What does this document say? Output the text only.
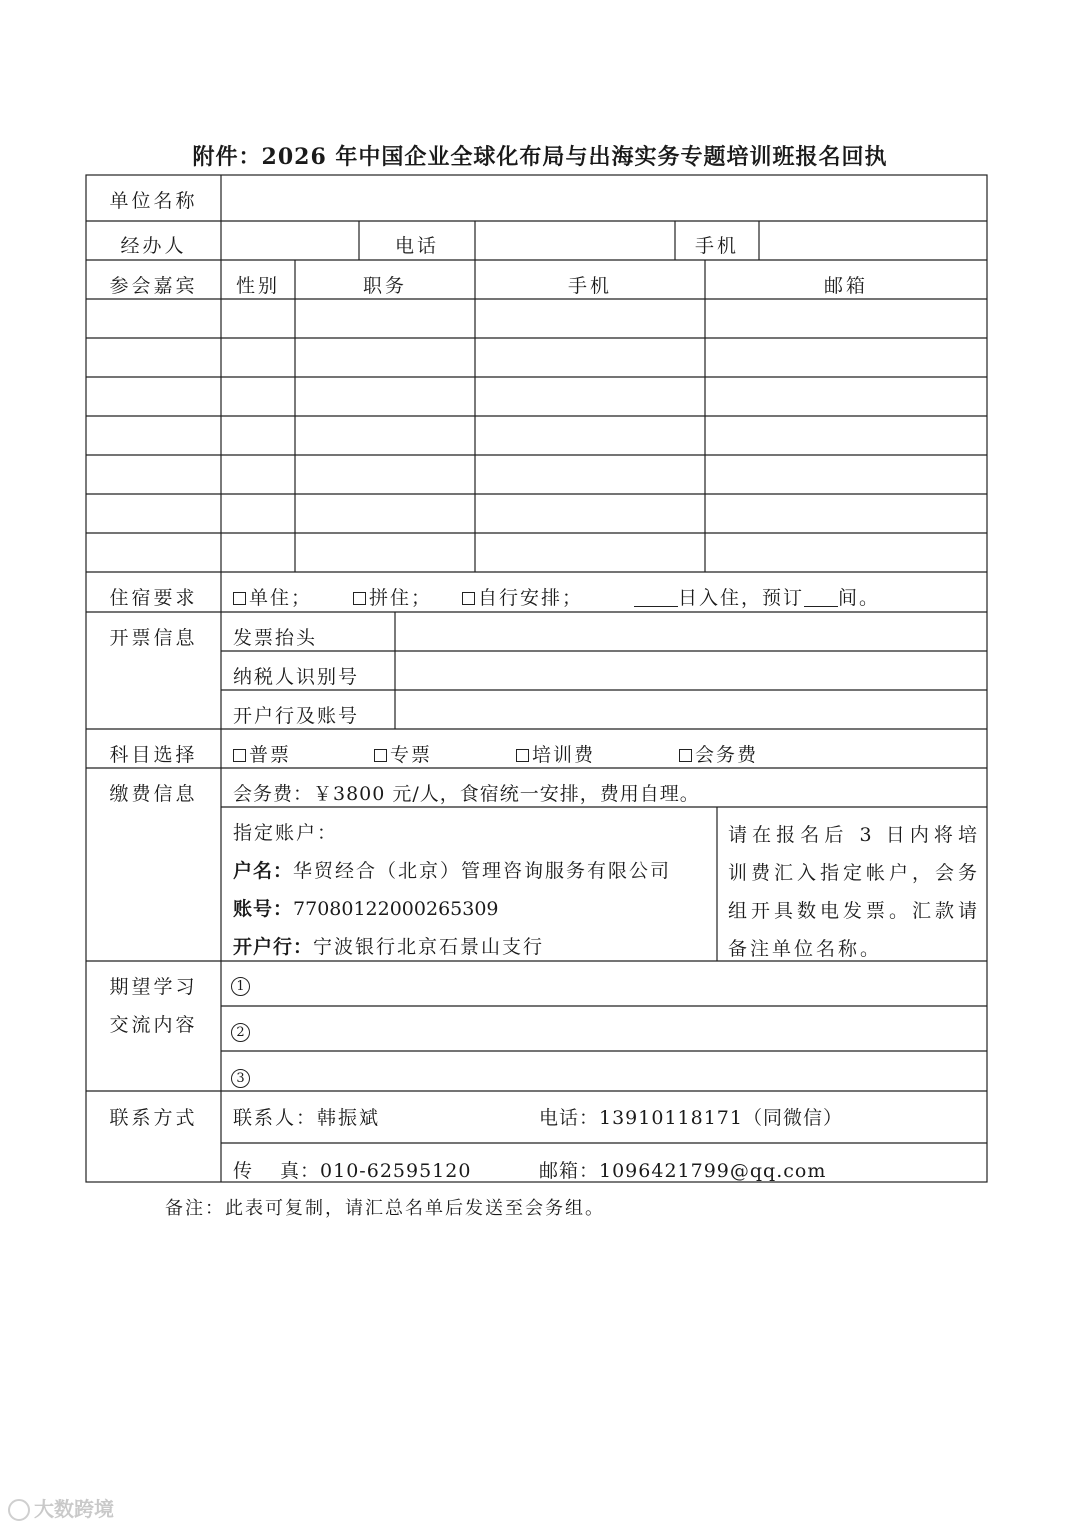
附件：2026 年中国企业全球化布局与出海实务专题培训班报名回执
单位名称
经办人	电话	手机
参会嘉宾	性别	职务	手机	邮箱
住宿要求	单住；	拼住；	自行安排；	日入住，预订 间。
开票信息	发票抬头
纳税人识别号
开户行及账号
科目选择	普票	专票	培训费	会务费
缴费信息	会务费：￥3800 元/人，食宿统一安排，费用自理。
指定账户：
户名：华贸经合（北京）管理咨询服务有限公司
账号：77080122000265309
开户行：宁波银行北京石景山支行
请在报名后 3 日内将培训费汇入指定帐户，会务组开具数电发票。汇款请备注单位名称。
期望学习
交流内容
1
2
3
联系方式	联系人：韩振斌	电话：13910118171（同微信）
传　 真：010-62595120	邮箱：1096421799@qq.com
备注：此表可复制，请汇总名单后发送至会务组。
大数跨境
